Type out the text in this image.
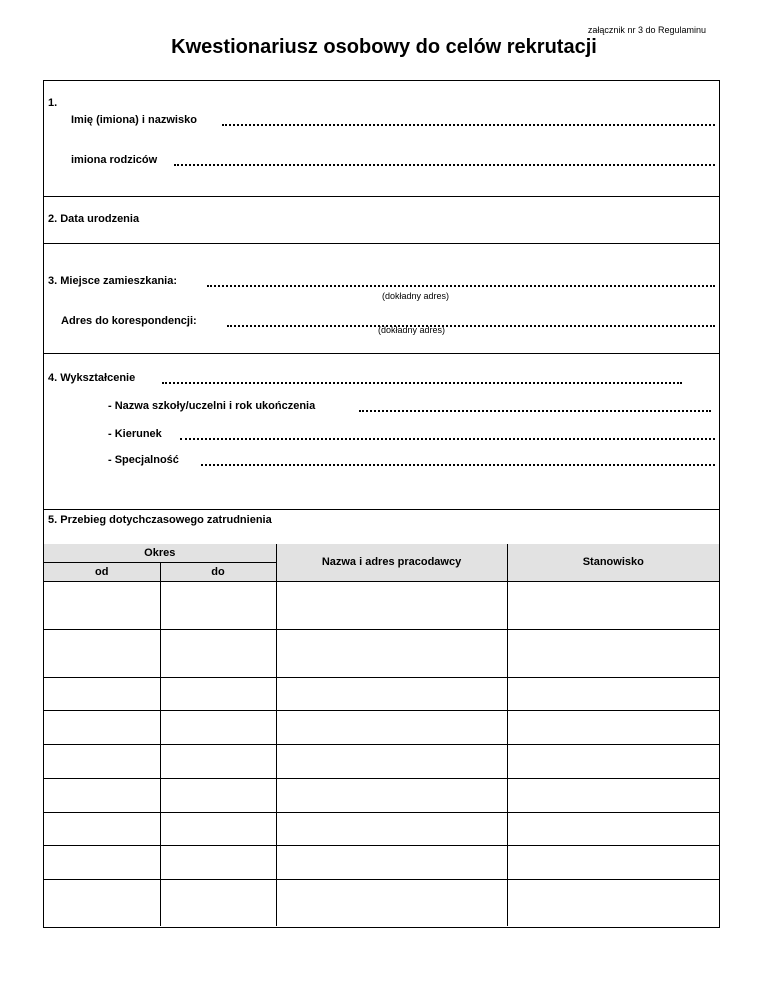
załącznik nr 3 do Regulaminu
Kwestionariusz osobowy do celów rekrutacji
1.
Imię (imiona) i nazwisko
imiona rodziców
2. Data urodzenia
3. Miejsce zamieszkania:
(dokładny adres)
Adres do korespondencji:
(dokładny adres)
4. Wykształcenie
- Nazwa szkoły/uczelni i rok ukończenia
- Kierunek
- Specjalność
5. Przebieg dotychczasowego zatrudnienia
Okres		Nazwa i adres pracodawcy	Stanowisko
od	do		
